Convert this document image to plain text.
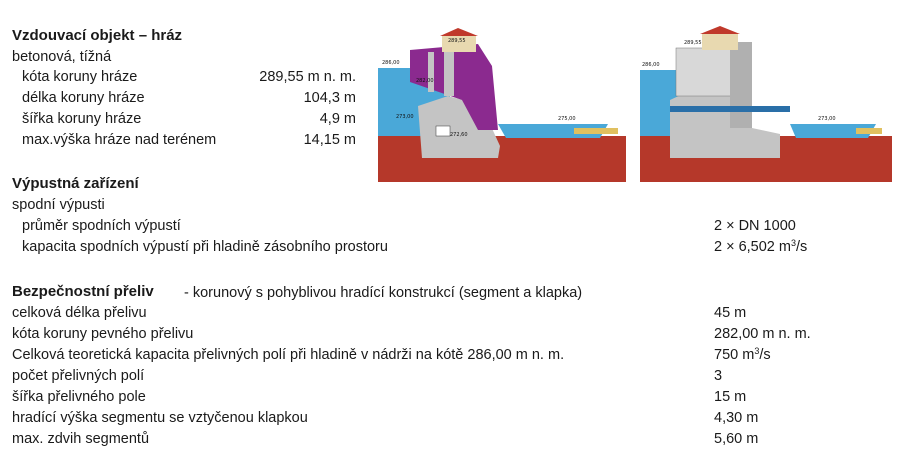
Vzdouvací objekt – hráz
betonová, tížná
kóta koruny hráze	289,55 m n. m.
délka koruny hráze	104,3 m
šířka koruny hráze	4,9 m
max.výška hráze nad terénem	14,15 m
289,55
286,00
282,00
273,00
272,60
275,00
289,55
286,00
273,00
Výpustná zařízení
spodní výpusti
průměr spodních výpustí	2 × DN 1000
kapacita spodních výpustí při hladině zásobního prostoru	2 × 6,502 $m^3/s$
Bezpečnostní přeliv - korunový s pohyblivou hradící konstrukcí (segment a klapka)
celková délka přelivu	45 m
kóta koruny pevného přelivu	282,00 m n. m.
Celková teoretická kapacita přelivných polí při hladině v nádrži na kótě 286,00 m n. m.	750 $m^3/s$
počet přelivných polí	3
šířka přelivného pole	15 m
hradící výška segmentu se vztyčenou klapkou	4,30 m
max. zdvih segmentů	5,60 m
